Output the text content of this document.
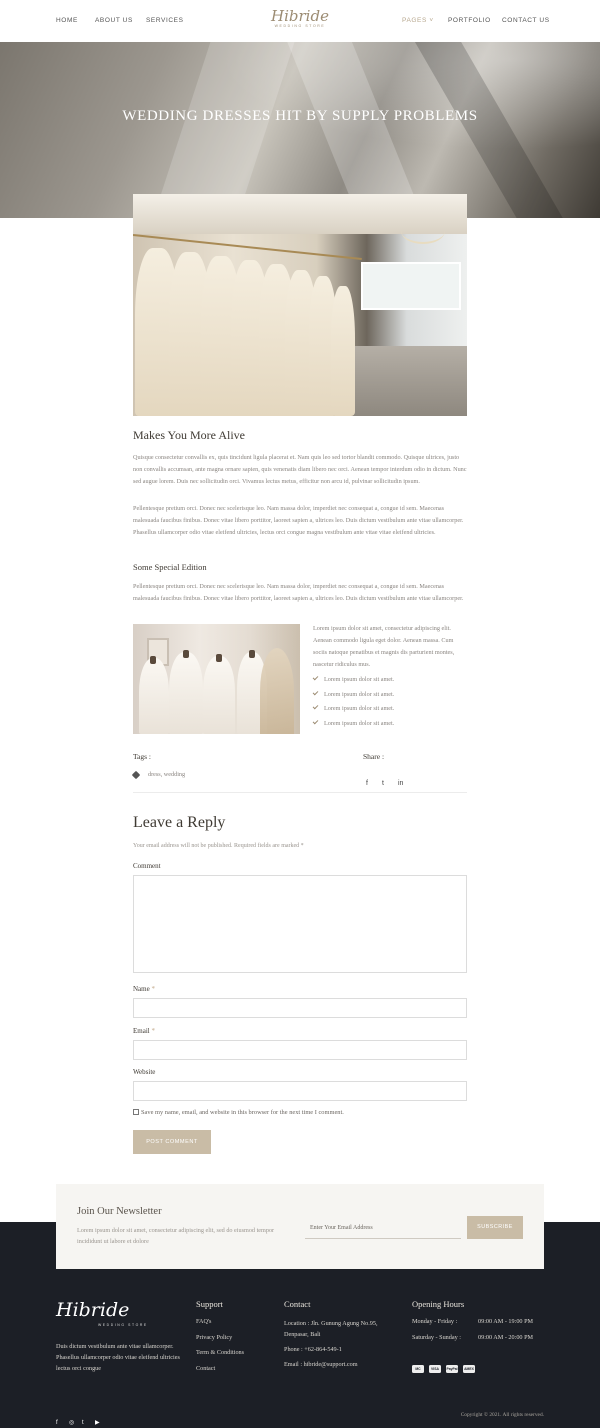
HOME	ABOUT US SERVICES	Hibride
WEDDING STORE
PAGES ˅ PORTFOLIO CONTACT US
WEDDING DRESSES HIT BY SUPPLY PROBLEMS

Makes You More Alive

Quisque consectetur convallis ex, quis tincidunt ligula placerat et. Nam quis leo sed tortor blandit commodo. Quisque ultrices, justo non convallis accumsan, ante magna ornare sapien, quis venenatis diam libero nec orci. Aenean tempor interdum odio in dictum. Nunc sed augue lorem. Duis nec sollicitudin orci. Vivamus lectus metus, efficitur non arcu id, pulvinar sollicitudin ipsum.

Pellentesque pretium orci. Donec nec scelerisque leo. Nam massa dolor, imperdiet nec consequat a, congue id sem. Maecenas malesuada faucibus finibus. Donec vitae libero porttitor, laoreet sapien a, ultrices leo. Duis dictum vestibulum ante vitae ullamcorper. Phasellus ullamcorper odio vitae eleifend ultricies, lectus orci congue magna vestibulum ante vitae vitae eleifend ultricies.

Some Special Edition

Pellentesque pretium orci. Donec nec scelerisque leo. Nam massa dolor, imperdiet nec consequat a, congue id sem. Maecenas malesuada faucibus finibus. Donec vitae libero porttitor, laoreet sapien a, ultrices leo. Duis dictum vestibulum ante vitae ullamcorper.

Lorem ipsum dolor sit amet, consectetur adipiscing elit. Aenean commodo ligula eget dolor. Aenean massa. Cum sociis natoque penatibus et magnis dis parturient montes, nascetur ridiculus mus.

Lorem ipsum dolor sit amet.
Lorem ipsum dolor sit amet.
Lorem ipsum dolor sit amet.
Lorem ipsum dolor sit amet.
Tags :	Share :
dress, wedding
f t in
Leave a Reply
Your email address will not be published. Required fields are marked *
Comment
Name *
Email *
Website
Save my name, email, and website in this browser for the next time I comment.
POST COMMENT
Join Our Newsletter

Lorem ipsum dolor sit amet, consectetur adipiscing elit, sed do eiusmod tempor incididunt ut labore et dolore

Enter Your Email Address	SUBSCRIBE
Hibride
WEDDING STORE
Duis dictum vestibulum ante vitae ullamcorper. Phasellus ullamcorper odio vitae eleifend ultricies lectus orci congue
Support
FAQ's
Privacy Policy
Term & Conditions
Contact
Contact
Location : Jln. Gunung Agung No.95, Denpasar, Bali
Phone : +62-864-549-1
Email : hibride@support.com
Opening Hours
Monday - Friday :	09:00 AM - 19:00 PM
Saturday - Sunday :	09:00 AM - 20:00 PM
MC	VISA PayPal AMEX
f ◎ t ▶
Copyright © 2021. All rights reserved.
